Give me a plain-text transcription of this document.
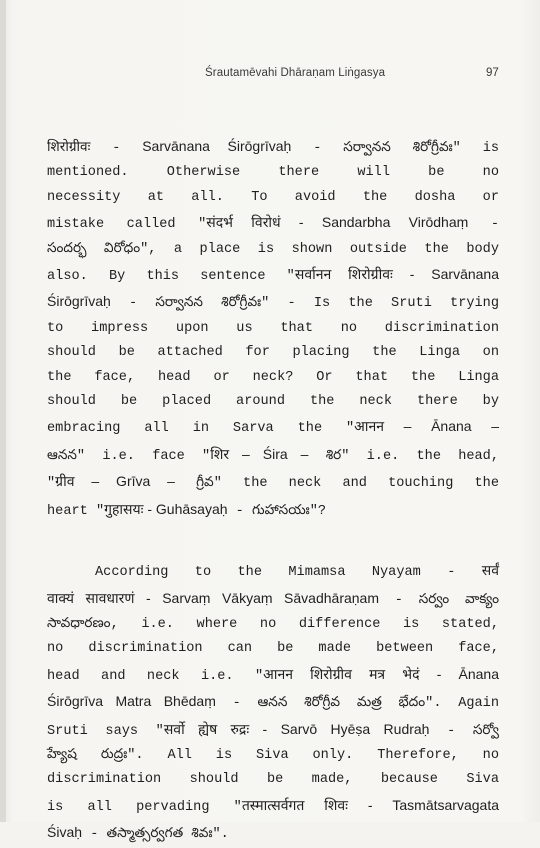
Śrautamēvahi Dhāraṇam Liṅgasya	97
शिरोग्रीवः - Sarvānana Śirōgrīvaḥ - సర్వానన శిరోగ్రీవః" is
mentioned. Otherwise there will be no
necessity at all. To avoid the dosha or
mistake called "संदर्भ विरोधं - Sandarbha Virōdhaṃ -
సందర్భ విరోధం", a place is shown outside the body
also. By this sentence "सर्वानन शिरोग्रीवः - Sarvānana
Śirōgrīvaḥ - సర్వానన శిరోగ్రీవః" - Is the Sruti trying
to impress upon us that no discrimination
should be attached for placing the Linga on
the face, head or neck? Or that the Linga
should be placed around the neck there by
embracing all in Sarva the "आनन – Ānana –
ఆనన" i.e. face "शिर – Śira – శిర" i.e. the head,
"ग्रीव – Grīva – గ్రీవ" the neck and touching the
heart "गुहासयः - Guhāsayaḥ - గుహాసయః"?
According to the Mimamsa Nyayam - सर्वं
वाक्यं सावधारणं - Sarvaṃ Vākyaṃ Sāvadhāraṇam - సర్వం వాక్యం
సావధారణం, i.e. where no difference is stated,
no discrimination can be made between face,
head and neck i.e. "आनन शिरोग्रीव मत्र भेदं - Ānana
Śirōgrīva Matra Bhēdaṃ - ఆనన శిరోగ్రీవ మత్ర భేదం". Again
Sruti says "सर्वो ह्येष रुद्रः - Sarvō Hyēṣa Rudraḥ - సర్వో
హ్యేష రుద్రః". All is Siva only. Therefore, no
discrimination should be made, because Siva
is all pervading "तस्मात्सर्वगत शिवः - Tasmātsarvagata
Śivaḥ - తస్మాత్సర్వగత శివః".
